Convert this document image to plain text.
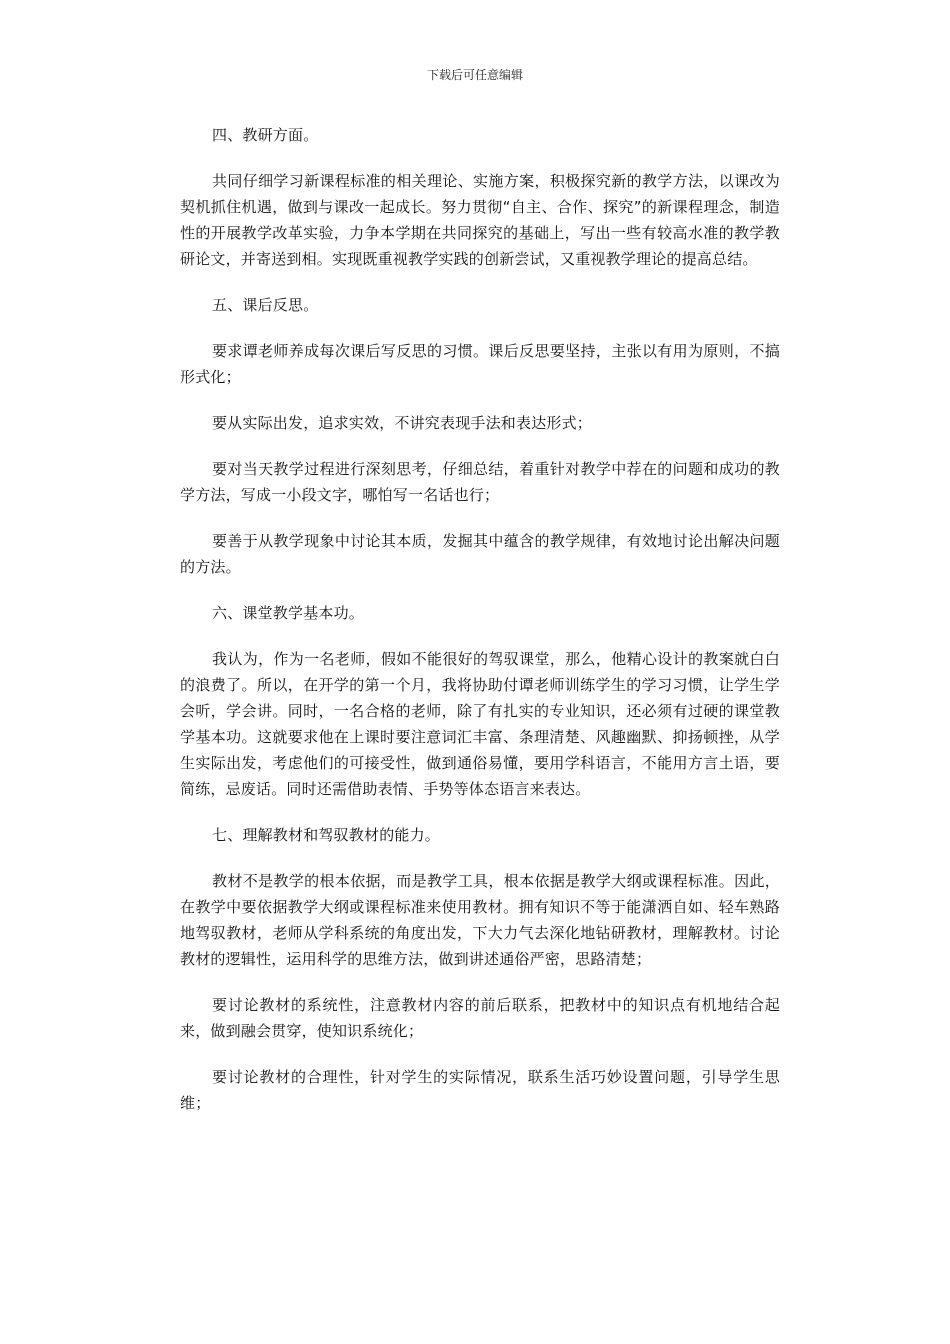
下载后可任意编辑

四、教研方面。

共同仔细学习新课程标准的相关理论、实施方案，积极探究新的教学方法，以课改为契机抓住机遇，做到与课改一起成长。努力贯彻“自主、合作、探究”的新课程理念，制造性的开展教学改革实验，力争本学期在共同探究的基础上，写出一些有较高水准的教学教研论文，并寄送到相。实现既重视教学实践的创新尝试，又重视教学理论的提高总结。

五、课后反思。

要求谭老师养成每次课后写反思的习惯。课后反思要坚持，主张以有用为原则，不搞形式化；

要从实际出发，追求实效，不讲究表现手法和表达形式；

要对当天教学过程进行深刻思考，仔细总结，着重针对教学中荐在的问题和成功的教学方法，写成一小段文字，哪怕写一名话也行；

要善于从教学现象中讨论其本质，发掘其中蕴含的教学规律，有效地讨论出解决问题的方法。

六、课堂教学基本功。

我认为，作为一名老师，假如不能很好的驾驭课堂，那么，他精心设计的教案就白白的浪费了。所以，在开学的第一个月，我将协助付谭老师训练学生的学习习惯，让学生学会听，学会讲。同时，一名合格的老师，除了有扎实的专业知识，还必须有过硬的课堂教学基本功。这就要求他在上课时要注意词汇丰富、条理清楚、风趣幽默、抑扬顿挫，从学生实际出发，考虑他们的可接受性，做到通俗易懂，要用学科语言，不能用方言土语，要简练，忌废话。同时还需借助表情、手势等体态语言来表达。

七、理解教材和驾驭教材的能力。

教材不是教学的根本依据，而是教学工具，根本依据是教学大纲或课程标准。因此，在教学中要依据教学大纲或课程标准来使用教材。拥有知识不等于能潇洒自如、轻车熟路地驾驭教材，老师从学科系统的角度出发，下大力气去深化地钻研教材，理解教材。讨论教材的逻辑性，运用科学的思维方法，做到讲述通俗严密，思路清楚；

要讨论教材的系统性，注意教材内容的前后联系，把教材中的知识点有机地结合起来，做到融会贯穿，使知识系统化；

要讨论教材的合理性，针对学生的实际情况，联系生活巧妙设置问题，引导学生思维；
